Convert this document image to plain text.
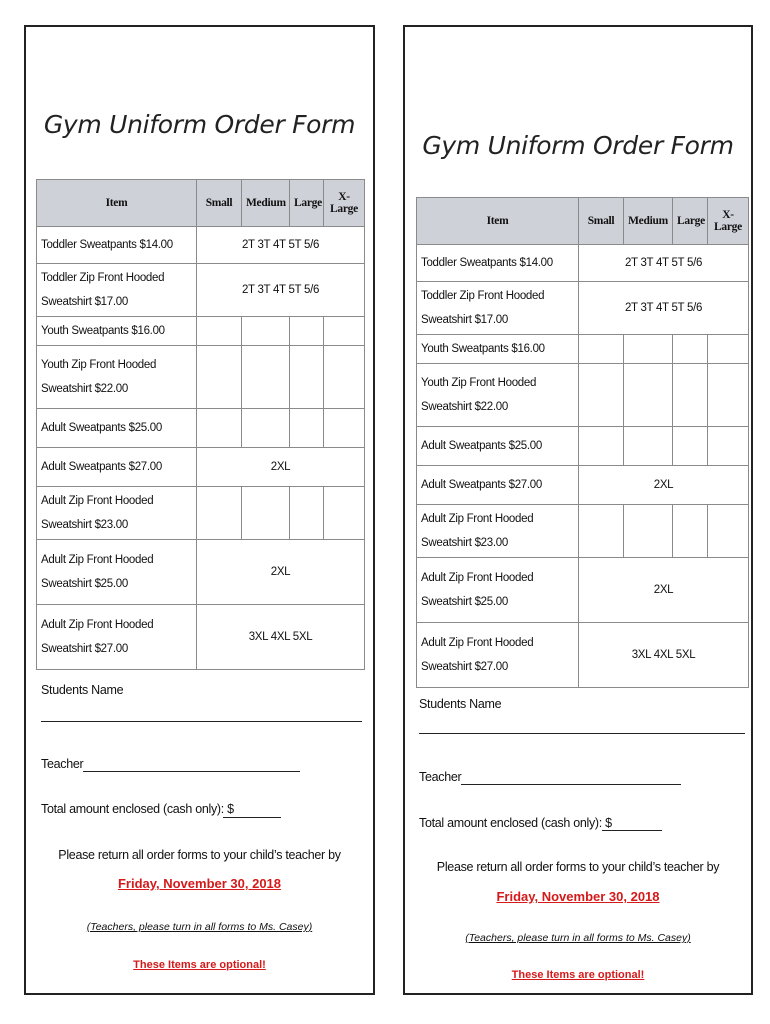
Gym Uniform Order Form
Item	Small	Medium	Large	X-Large
Toddler Sweatpants $14.00	2T 3T 4T 5T 5/6			
Toddler Zip Front Hooded
Sweatshirt $17.00	2T 3T 4T 5T 5/6			
Youth Sweatpants $16.00				
Youth Zip Front Hooded
Sweatshirt $22.00				
Adult Sweatpants $25.00				
Adult Sweatpants $27.00	2XL			
Adult Zip Front Hooded
Sweatshirt $23.00				
Adult Zip Front Hooded
Sweatshirt $25.00	2XL			
Adult Zip Front Hooded
Sweatshirt $27.00	3XL 4XL 5XL			
Students Name
Teacher
Total amount enclosed (cash only): $
Please return all order forms to your child’s teacher by
Friday, November 30, 2018
(Teachers, please turn in all forms to Ms. Casey)
These Items are optional!
Gym Uniform Order Form
Item	Small	Medium	Large	X-Large
Toddler Sweatpants $14.00	2T 3T 4T 5T 5/6			
Toddler Zip Front Hooded
Sweatshirt $17.00	2T 3T 4T 5T 5/6			
Youth Sweatpants $16.00				
Youth Zip Front Hooded
Sweatshirt $22.00				
Adult Sweatpants $25.00				
Adult Sweatpants $27.00	2XL			
Adult Zip Front Hooded
Sweatshirt $23.00				
Adult Zip Front Hooded
Sweatshirt $25.00	2XL			
Adult Zip Front Hooded
Sweatshirt $27.00	3XL 4XL 5XL			
Students Name
Teacher
Total amount enclosed (cash only): $
Please return all order forms to your child’s teacher by
Friday, November 30, 2018
(Teachers, please turn in all forms to Ms. Casey)
These Items are optional!
